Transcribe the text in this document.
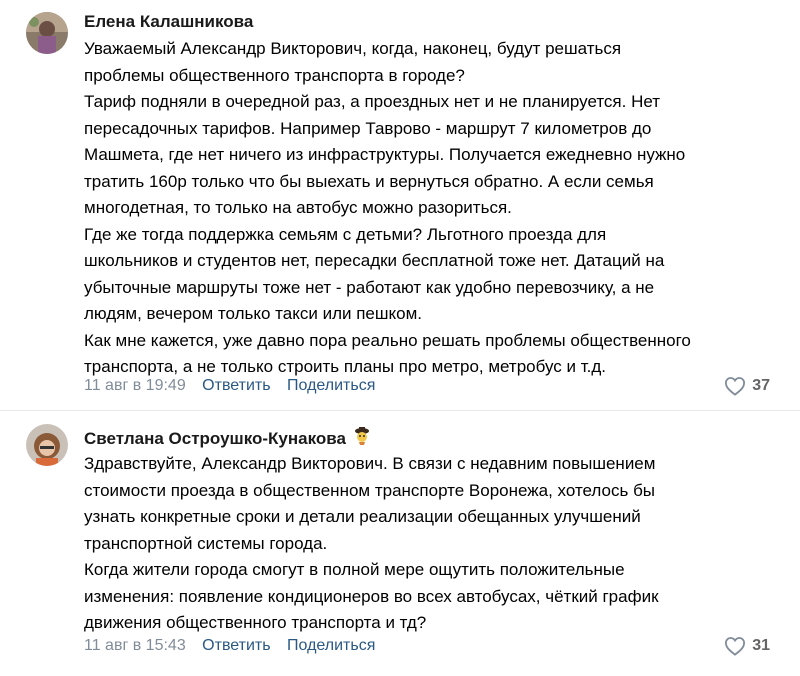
Елена Калашникова
Уважаемый Александр Викторович, когда, наконец, будут решаться
проблемы общественного транспорта в городе?
Тариф подняли в очередной раз, а проездных нет и не планируется. Нет
пересадочных тарифов. Например Таврово - маршрут 7 километров до
Машмета, где нет ничего из инфраструктуры. Получается ежедневно нужно
тратить 160р только что бы выехать и вернуться обратно. А если семья
многодетная, то только на автобус можно разориться.
Где же тогда поддержка семьям с детьми? Льготного проезда для
школьников и студентов нет, пересадки бесплатной тоже нет. Датаций на
убыточные маршруты тоже нет - работают как удобно перевозчику, а не
людям, вечером только такси или пешком.
Как мне кажется, уже давно пора реально решать проблемы общественного
транспорта, а не только строить планы про метро, метробус и т.д.
11 авг в 19:49 Ответить Поделиться	37
Светлана Остроушко-Кунакова
Здравствуйте, Александр Викторович. В связи с недавним повышением
стоимости проезда в общественном транспорте Воронежа, хотелось бы
узнать конкретные сроки и детали реализации обещанных улучшений
транспортной системы города.
Когда жители города смогут в полной мере ощутить положительные
изменения: появление кондиционеров во всех автобусах, чёткий график
движения общественного транспорта и тд?
11 авг в 15:43 Ответить Поделиться	31
